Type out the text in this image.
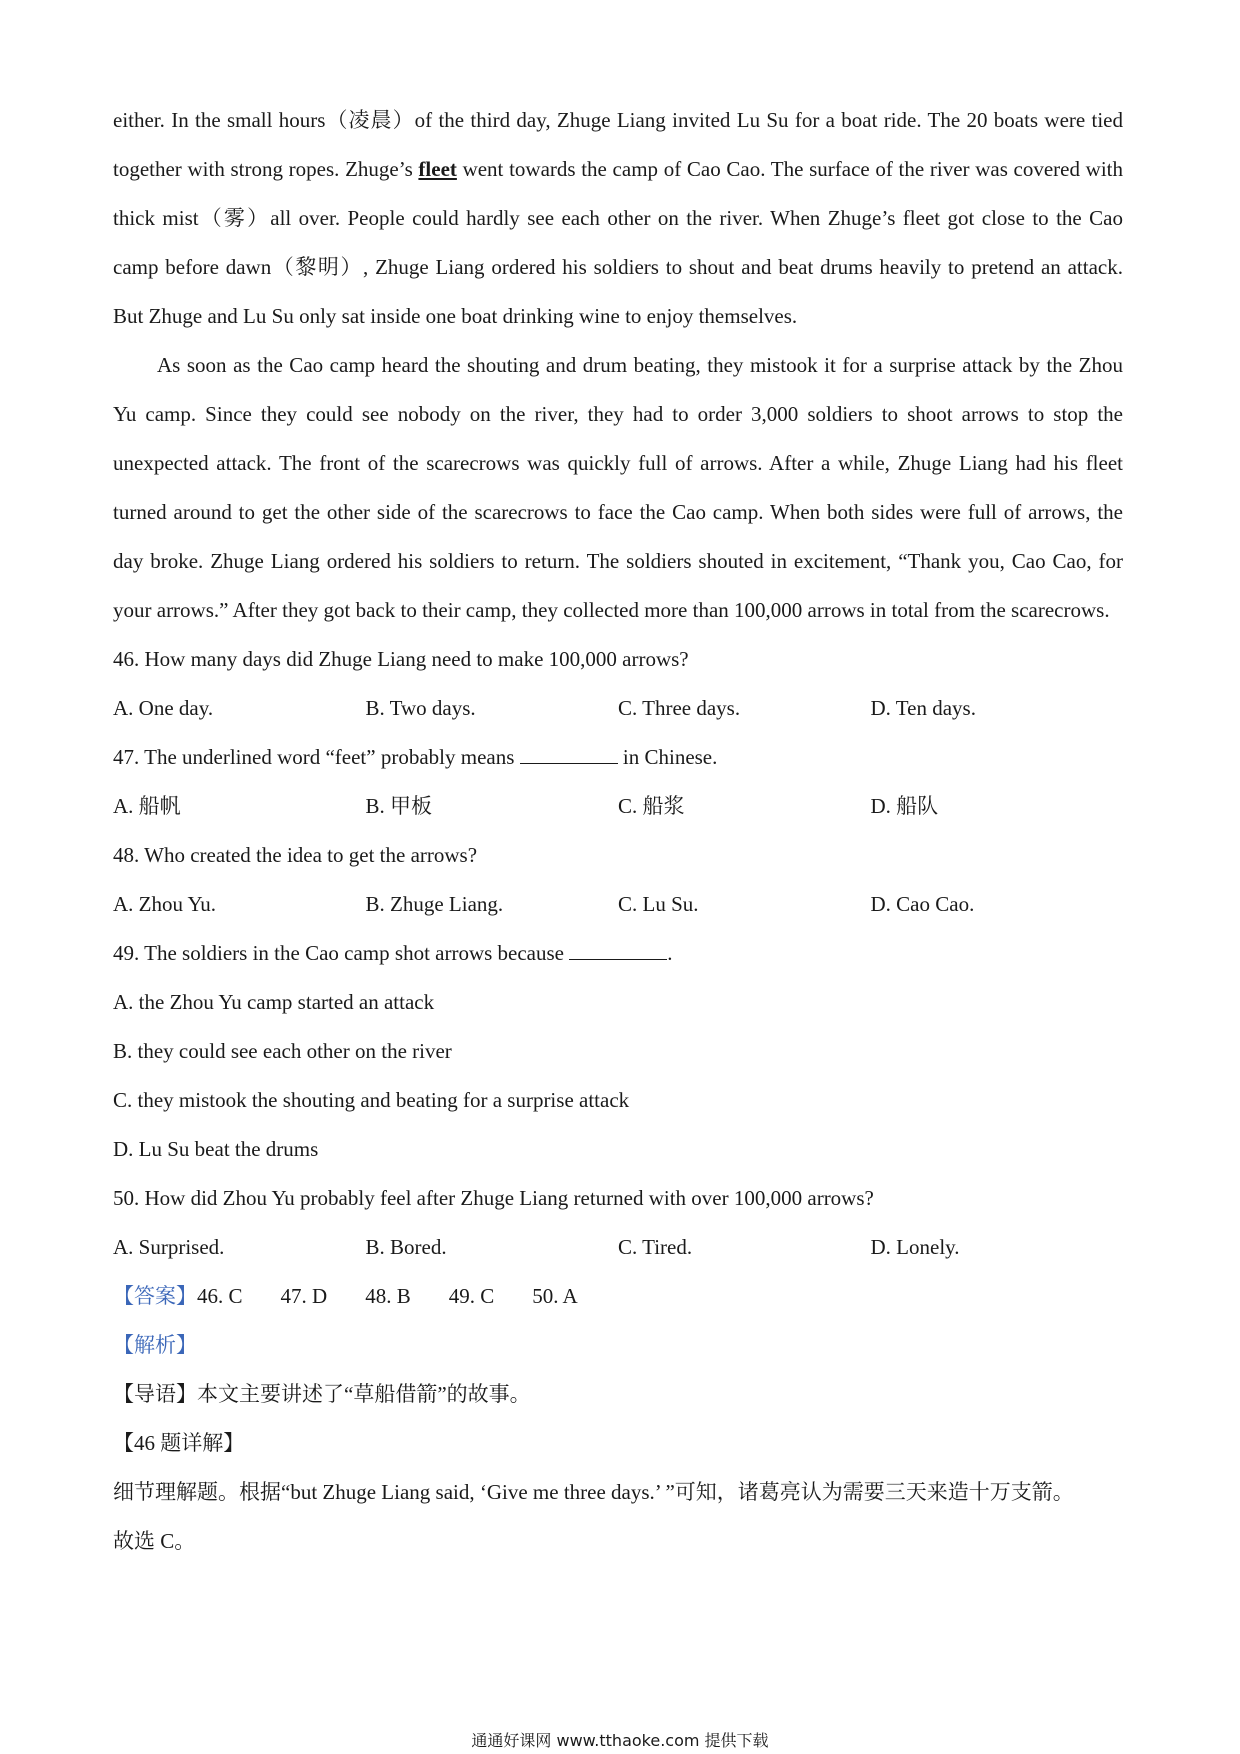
either. In the small hours（凌晨）of the third day, Zhuge Liang invited Lu Su for a boat ride. The 20 boats were tied together with strong ropes. Zhuge’s fleet went towards the camp of Cao Cao. The surface of the river was covered with thick mist（雾）all over. People could hardly see each other on the river. When Zhuge’s fleet got close to the Cao camp before dawn（黎明）, Zhuge Liang ordered his soldiers to shout and beat drums heavily to pretend an attack. But Zhuge and Lu Su only sat inside one boat drinking wine to enjoy themselves.

As soon as the Cao camp heard the shouting and drum beating, they mistook it for a surprise attack by the Zhou Yu camp. Since they could see nobody on the river, they had to order 3,000 soldiers to shoot arrows to stop the unexpected attack. The front of the scarecrows was quickly full of arrows. After a while, Zhuge Liang had his fleet turned around to get the other side of the scarecrows to face the Cao camp. When both sides were full of arrows, the day broke. Zhuge Liang ordered his soldiers to return. The soldiers shouted in excitement, “Thank you, Cao Cao, for your arrows.” After they got back to their camp, they collected more than 100,000 arrows in total from the scarecrows.

46. How many days did Zhuge Liang need to make 100,000 arrows?
A. One day.	B. Two days.	C. Three days.	D. Ten days.
47. The underlined word “feet” probably means	in Chinese.
A. 船帆	B. 甲板	C. 船浆	D. 船队
48. Who created the idea to get the arrows?
A. Zhou Yu.	B. Zhuge Liang.	C. Lu Su.	D. Cao Cao.
49. The soldiers in the Cao camp shot arrows because	.
A. the Zhou Yu camp started an attack
B. they could see each other on the river
C. they mistook the shouting and beating for a surprise attack
D. Lu Su beat the drums
50. How did Zhou Yu probably feel after Zhuge Liang returned with over 100,000 arrows?
A. Surprised.	B. Bored.	C. Tired.	D. Lonely.
【答案】46. C 47. D 48. B 49. C 50. A
【解析】
【导语】本文主要讲述了“草船借箭”的故事。
【46 题详解】
细节理解题。根据“but Zhuge Liang said, ‘Give me three days.’ ”可知，诸葛亮认为需要三天来造十万支箭。
故选 C。
通通好课网 www.tthaoke.com 提供下载
